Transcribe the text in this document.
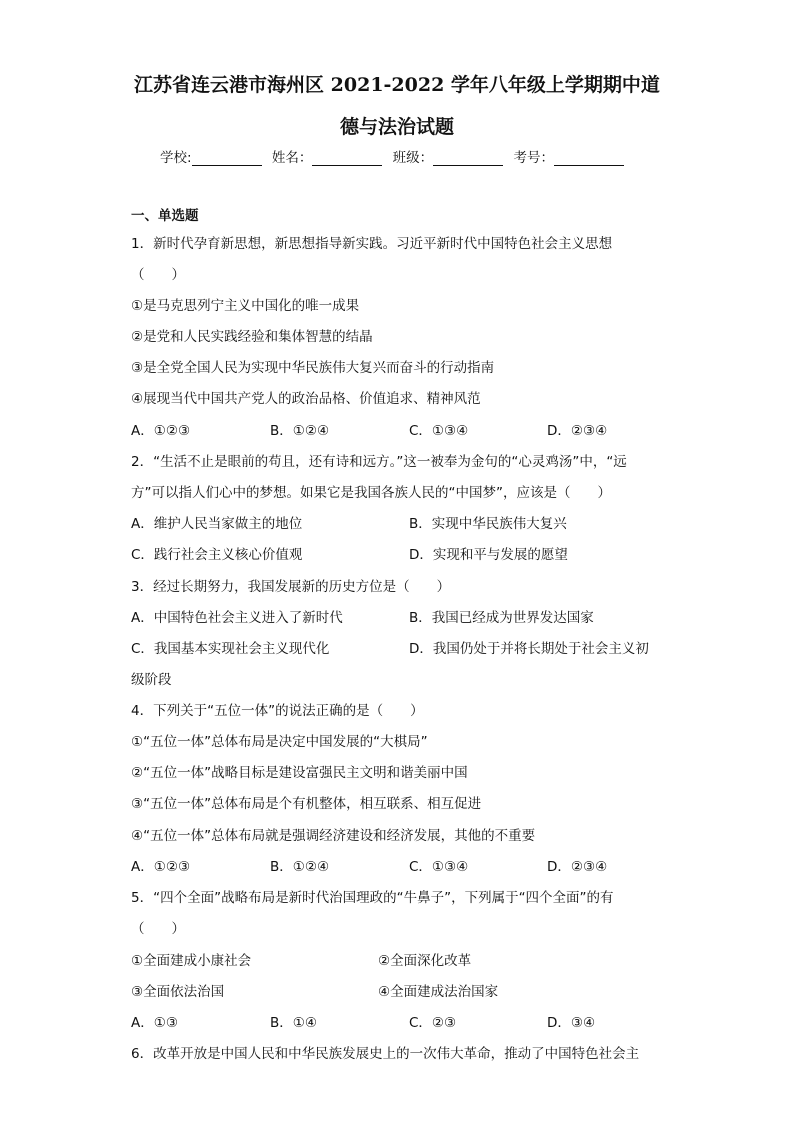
江苏省连云港市海州区 2021-2022 学年八年级上学期期中道
德与法治试题
学校:	姓名：	班级：	考号：
一、单选题
1．新时代孕育新思想，新思想指导新实践。习近平新时代中国特色社会主义思想
（　　）
①是马克思列宁主义中国化的唯一成果
②是党和人民实践经验和集体智慧的结晶
③是全党全国人民为实现中华民族伟大复兴而奋斗的行动指南
④展现当代中国共产党人的政治品格、价值追求、精神风范
A．①②③	B．①②④	C．①③④	D．②③④
2．“生活不止是眼前的苟且，还有诗和远方。”这一被奉为金句的“心灵鸡汤”中，“远
方”可以指人们心中的梦想。如果它是我国各族人民的“中国梦”，应该是（　　）
A．维护人民当家做主的地位	B．实现中华民族伟大复兴
C．践行社会主义核心价值观	D．实现和平与发展的愿望
3．经过长期努力，我国发展新的历史方位是（　　）
A．中国特色社会主义进入了新时代	B．我国已经成为世界发达国家
C．我国基本实现社会主义现代化	D．我国仍处于并将长期处于社会主义初
级阶段
4．下列关于“五位一体”的说法正确的是（　　）
①“五位一体”总体布局是决定中国发展的“大棋局”
②“五位一体”战略目标是建设富强民主文明和谐美丽中国
③“五位一体”总体布局是个有机整体，相互联系、相互促进
④“五位一体”总体布局就是强调经济建设和经济发展，其他的不重要
A．①②③	B．①②④	C．①③④	D．②③④
5．“四个全面”战略布局是新时代治国理政的“牛鼻子”，下列属于“四个全面”的有
（　　）
①全面建成小康社会	②全面深化改革
③全面依法治国	④全面建成法治国家
A．①③	B．①④	C．②③	D．③④
6．改革开放是中国人民和中华民族发展史上的一次伟大革命，推动了中国特色社会主
